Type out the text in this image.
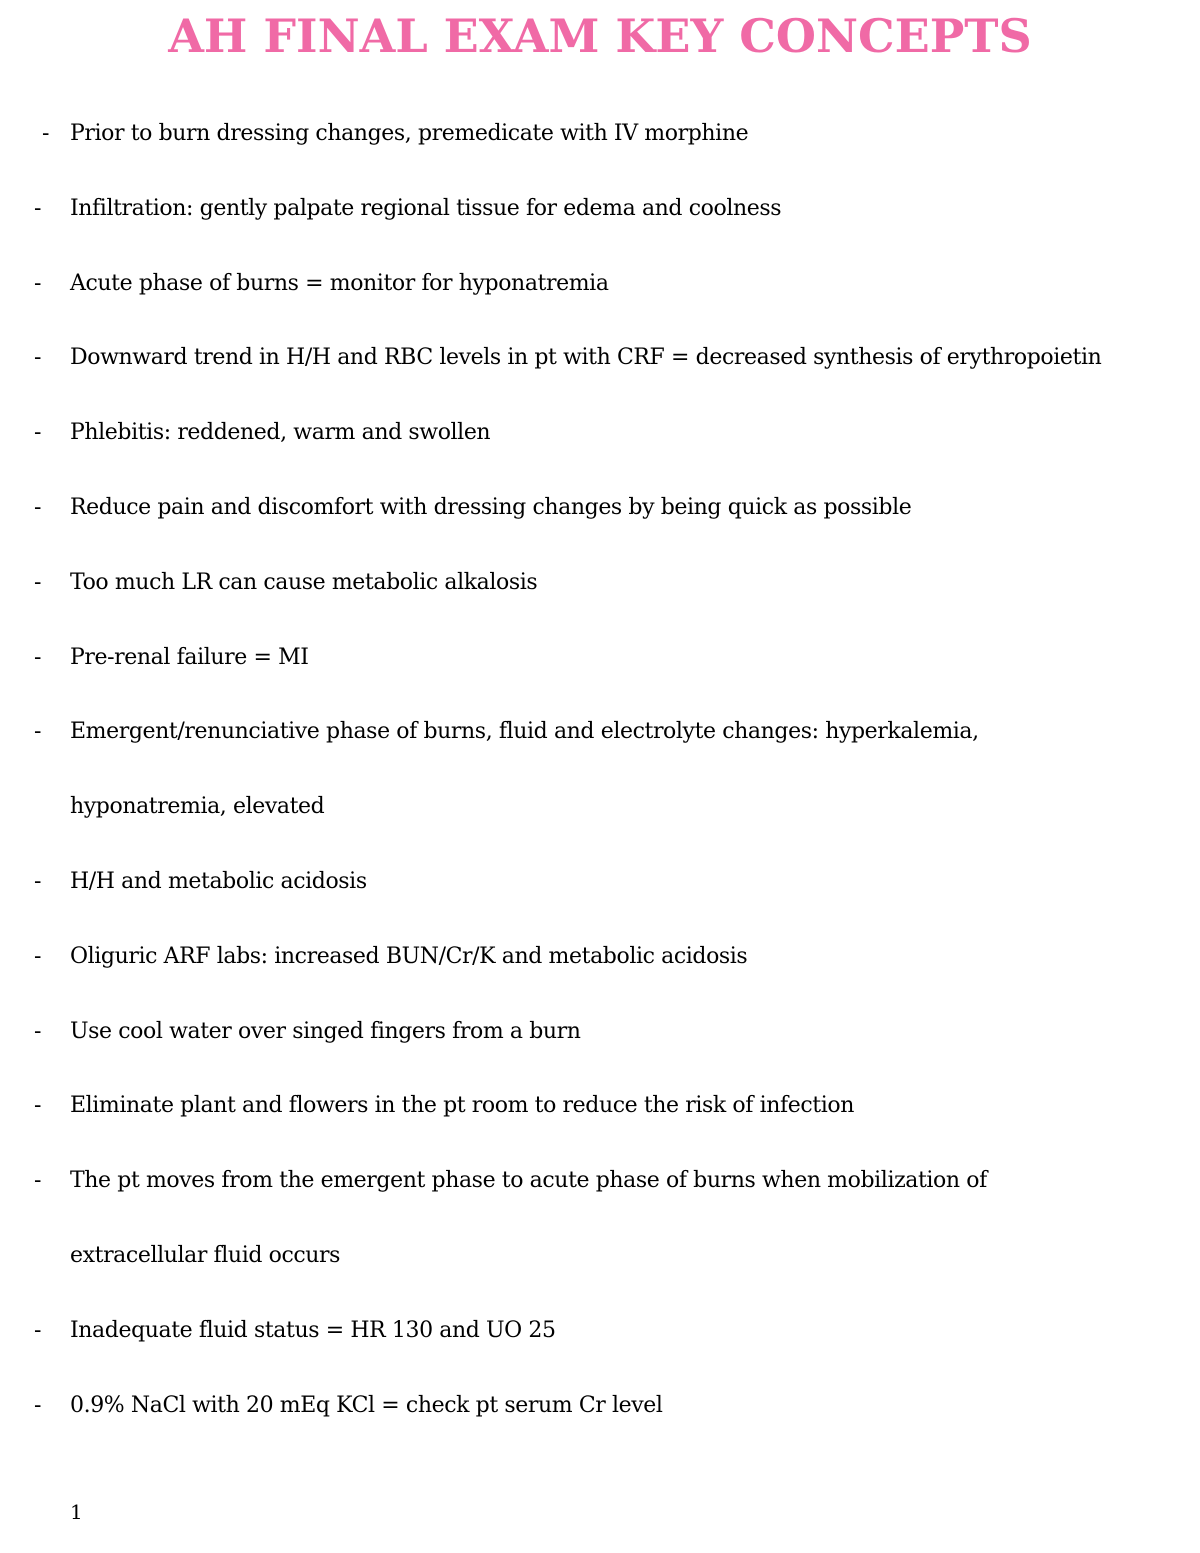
AH FINAL EXAM KEY CONCEPTS
- Prior to burn dressing changes, premedicate with IV morphine
- Infiltration: gently palpate regional tissue for edema and coolness
- Acute phase of burns = monitor for hyponatremia
- Downward trend in H/H and RBC levels in pt with CRF = decreased synthesis of erythropoietin
- Phlebitis: reddened, warm and swollen
- Reduce pain and discomfort with dressing changes by being quick as possible
- Too much LR can cause metabolic alkalosis
- Pre-renal failure = MI
- Emergent/renunciative phase of burns, fluid and electrolyte changes: hyperkalemia,
hyponatremia, elevated
- H/H and metabolic acidosis
- Oliguric ARF labs: increased BUN/Cr/K and metabolic acidosis
- Use cool water over singed fingers from a burn
- Eliminate plant and flowers in the pt room to reduce the risk of infection
- The pt moves from the emergent phase to acute phase of burns when mobilization of
extracellular fluid occurs
- Inadequate fluid status = HR 130 and UO 25
- 0.9% NaCl with 20 mEq KCl = check pt serum Cr level
1
